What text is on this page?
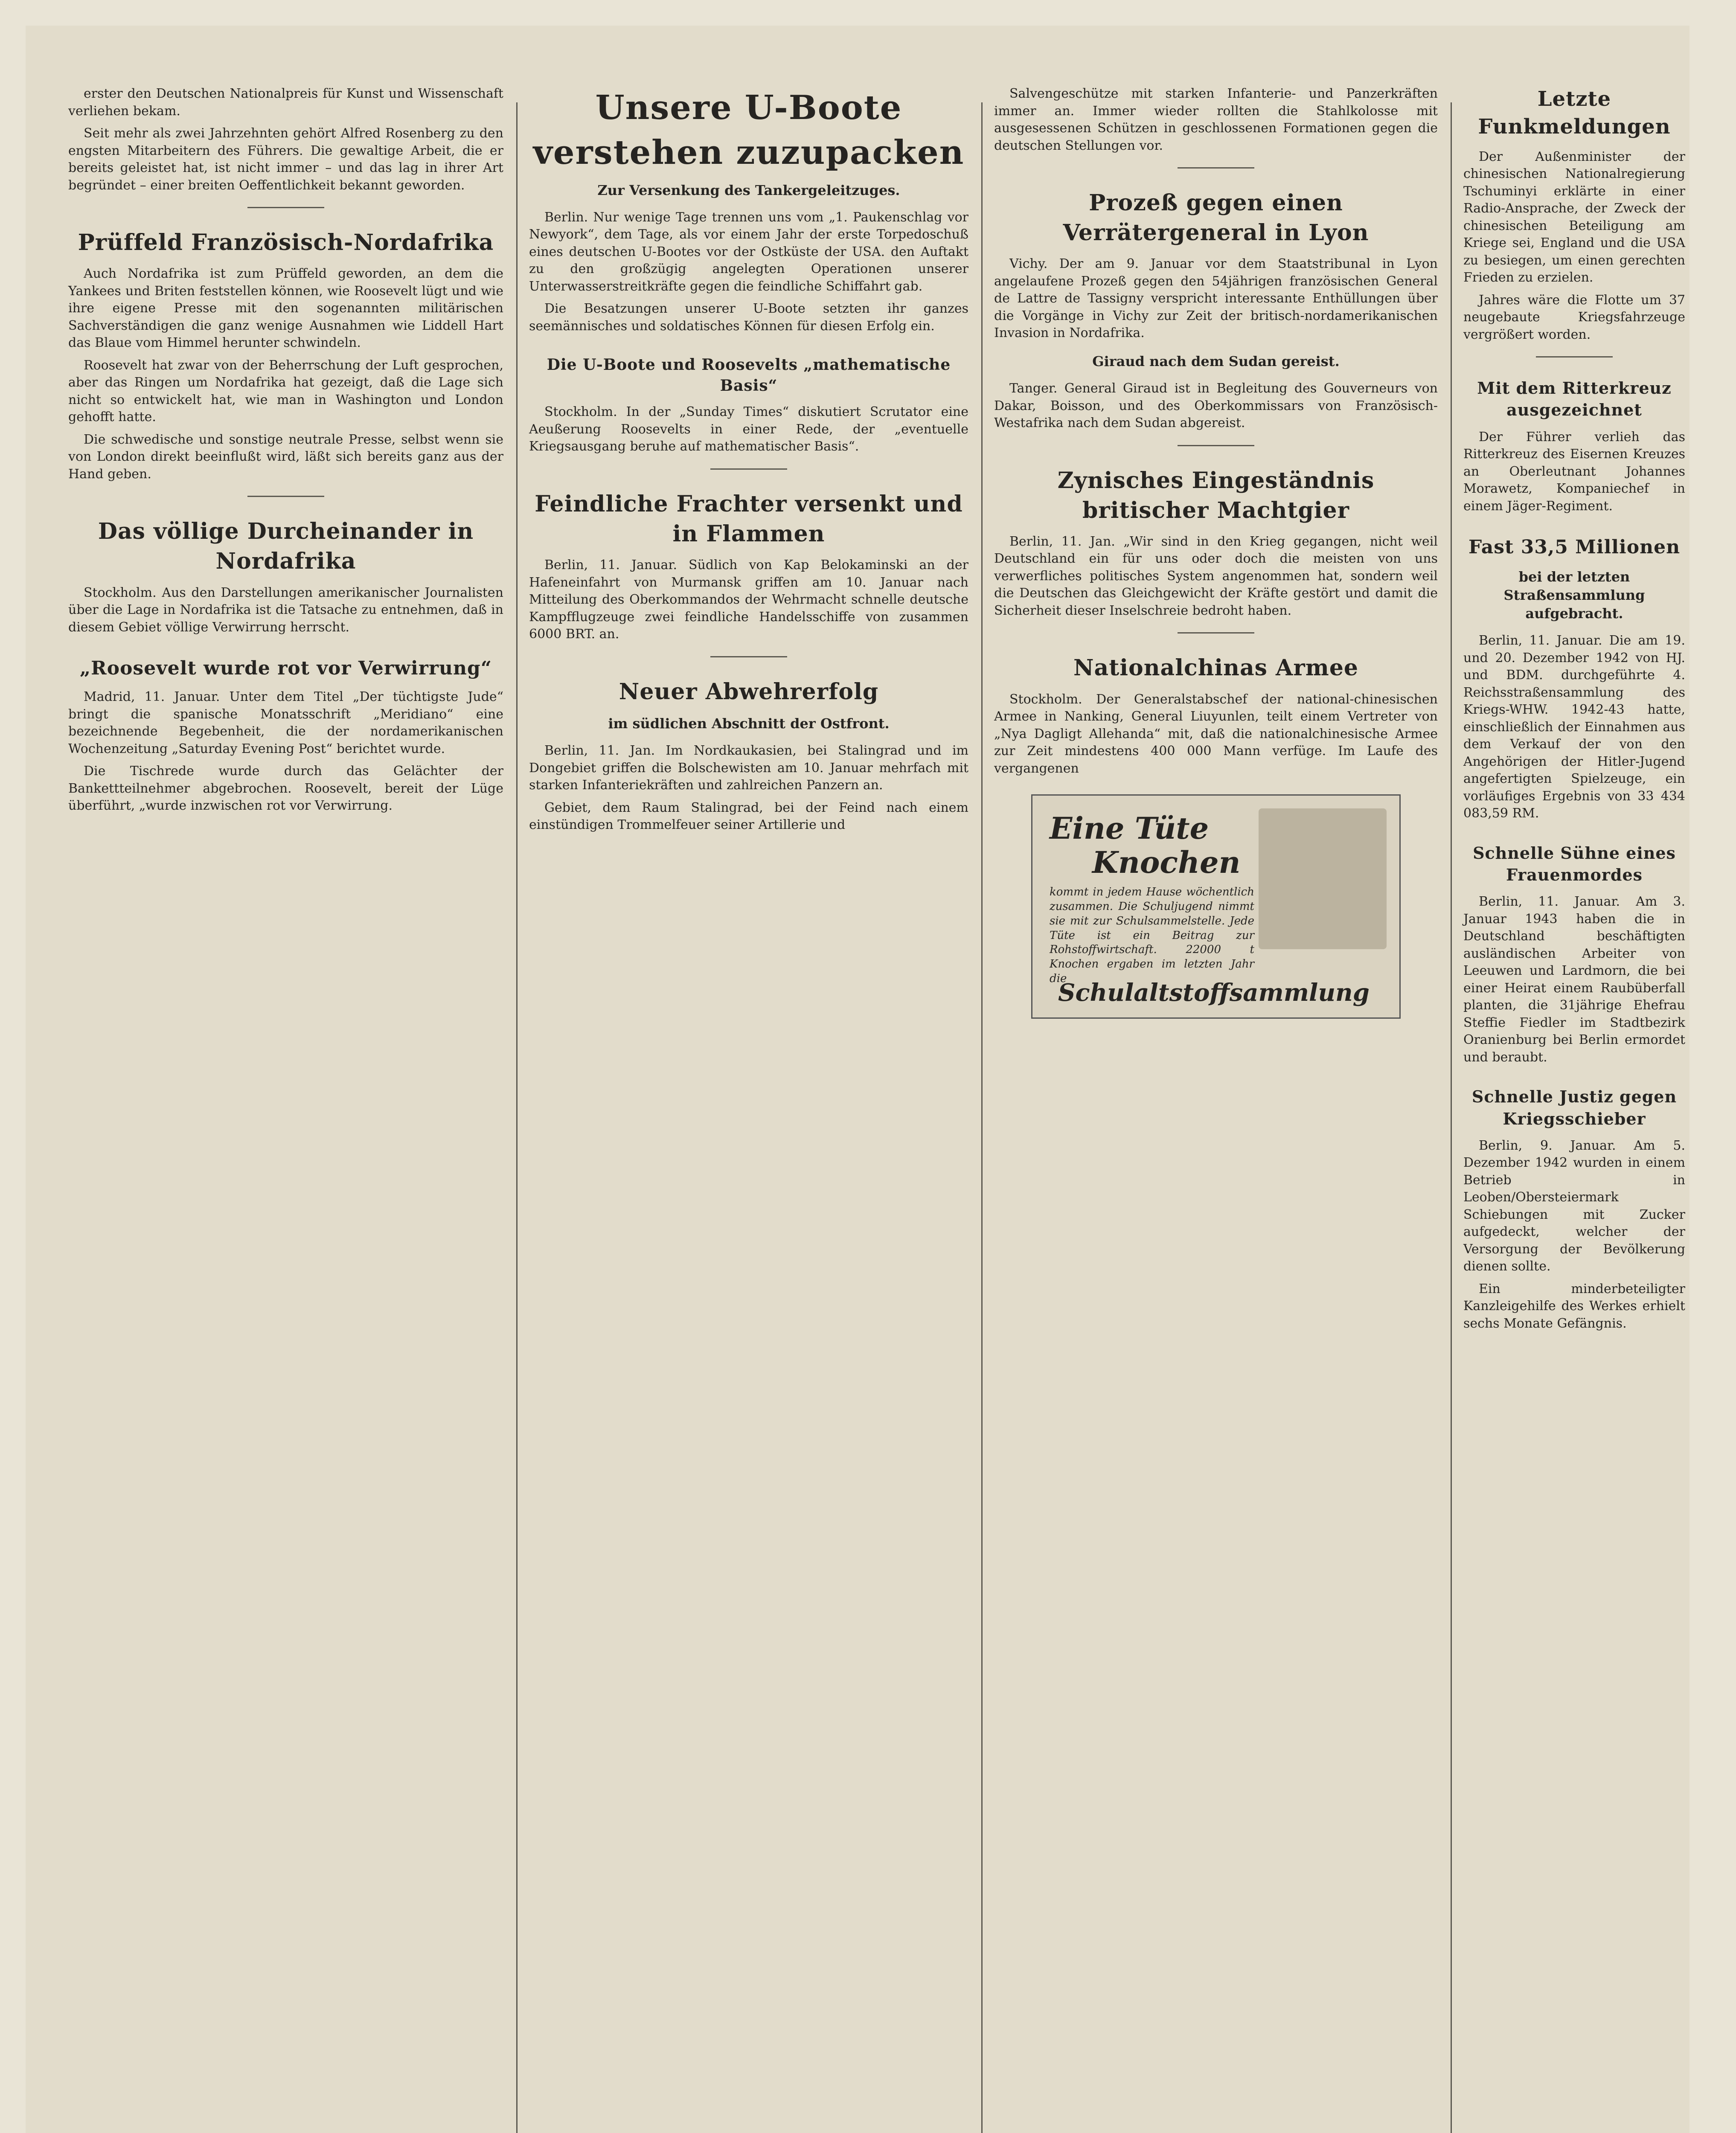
erster den Deutschen Nationalpreis für Kunst und Wissenschaft verliehen bekam.

Seit mehr als zwei Jahrzehnten gehört Alfred Rosenberg zu den engsten Mitarbeitern des Führers. Die gewaltige Arbeit, die er bereits geleistet hat, ist nicht immer – und das lag in ihrer Art begründet – einer breiten Oeffentlichkeit bekannt geworden.

Prüffeld Französisch-Nordafrika

Auch Nordafrika ist zum Prüffeld geworden, an dem die Yankees und Briten feststellen können, wie Roosevelt lügt und wie ihre eigene Presse mit den sogenannten militärischen Sachverständigen die ganz wenige Ausnahmen wie Liddell Hart das Blaue vom Himmel herunter schwindeln.

Roosevelt hat zwar von der Beherrschung der Luft gesprochen, aber das Ringen um Nordafrika hat gezeigt, daß die Lage sich nicht so entwickelt hat, wie man in Washington und London gehofft hatte.

Die schwedische und sonstige neutrale Presse, selbst wenn sie von London direkt beeinflußt wird, läßt sich bereits ganz aus der Hand geben.

Das völlige Durcheinander in Nordafrika

Stockholm. Aus den Darstellungen amerikanischer Journalisten über die Lage in Nordafrika ist die Tatsache zu entnehmen, daß in diesem Gebiet völlige Verwirrung herrscht.

„Roosevelt wurde rot vor Verwirrung“

Madrid, 11. Januar. Unter dem Titel „Der tüchtigste Jude“ bringt die spanische Monatsschrift „Meridiano“ eine bezeichnende Begebenheit, die der nordamerikanischen Wochenzeitung „Saturday Evening Post“ berichtet wurde.

Die Tischrede wurde durch das Gelächter der Bankettteilnehmer abgebrochen. Roosevelt, bereit der Lüge überführt, „wurde inzwischen rot vor Verwirrung.

Unsere U-Boote verstehen zuzupacken
Zur Versenkung des Tankergeleitzuges.

Berlin. Nur wenige Tage trennen uns vom „1. Paukenschlag vor Newyork“, dem Tage, als vor einem Jahr der erste Torpedoschuß eines deutschen U-Bootes vor der Ostküste der USA. den Auftakt zu den großzügig angelegten Operationen unserer Unterwasserstreitkräfte gegen die feindliche Schiffahrt gab.

Die Besatzungen unserer U-Boote setzten ihr ganzes seemännisches und soldatisches Können für diesen Erfolg ein.

Die U-Boote und Roosevelts „mathematische Basis“

Stockholm. In der „Sunday Times“ diskutiert Scrutator eine Aeußerung Roosevelts in einer Rede, der „eventuelle Kriegsausgang beruhe auf mathematischer Basis“.

Feindliche Frachter versenkt und in Flammen

Berlin, 11. Januar. Südlich von Kap Belokaminski an der Hafeneinfahrt von Murmansk griffen am 10. Januar nach Mitteilung des Oberkommandos der Wehrmacht schnelle deutsche Kampfflugzeuge zwei feindliche Handelsschiffe von zusammen 6000 BRT. an.

Neuer Abwehrerfolg
im südlichen Abschnitt der Ostfront.

Berlin, 11. Jan. Im Nordkaukasien, bei Stalingrad und im Dongebiet griffen die Bolschewisten am 10. Januar mehrfach mit starken Infanteriekräften und zahlreichen Panzern an.

Gebiet, dem Raum Stalingrad, bei der Feind nach einem einstündigen Trommelfeuer seiner Artillerie und

Salvengeschütze mit starken Infanterie- und Panzerkräften immer an. Immer wieder rollten die Stahlkolosse mit ausgesessenen Schützen in geschlossenen Formationen gegen die deutschen Stellungen vor.

Prozeß gegen einen Verrätergeneral in Lyon

Vichy. Der am 9. Januar vor dem Staatstribunal in Lyon angelaufene Prozeß gegen den 54jährigen französischen General de Lattre de Tassigny verspricht interessante Enthüllungen über die Vorgänge in Vichy zur Zeit der britisch-nordamerikanischen Invasion in Nordafrika.

Giraud nach dem Sudan gereist.

Tanger. General Giraud ist in Begleitung des Gouverneurs von Dakar, Boisson, und des Oberkommissars von Französisch-Westafrika nach dem Sudan abgereist.

Zynisches Eingeständnis britischer Machtgier

Berlin, 11. Jan. „Wir sind in den Krieg gegangen, nicht weil Deutschland ein für uns oder doch die meisten von uns verwerfliches politisches System angenommen hat, sondern weil die Deutschen das Gleichgewicht der Kräfte gestört und damit die Sicherheit dieser Inselschreie bedroht haben.

Nationalchinas Armee

Stockholm. Der Generalstabschef der national-chinesischen Armee in Nanking, General Liuyunlen, teilt einem Vertreter von „Nya Dagligt Allehanda“ mit, daß die nationalchinesische Armee zur Zeit mindestens 400 000 Mann verfüge. Im Laufe des vergangenen

Eine Tüte
Knochen
kommt in jedem Hause wöchentlich zusammen. Die Schuljugend nimmt sie mit zur Schulsammelstelle. Jede Tüte ist ein Beitrag zur Rohstoffwirtschaft. 22000 t Knochen ergaben im letzten Jahr die
Schulaltstoffsammlung
Letzte Funkmeldungen

Der Außenminister der chinesischen Nationalregierung Tschuminyi erklärte in einer Radio-Ansprache, der Zweck der chinesischen Beteiligung am Kriege sei, England und die USA zu besiegen, um einen gerechten Frieden zu erzielen.

Jahres wäre die Flotte um 37 neugebaute Kriegsfahrzeuge vergrößert worden.

Mit dem Ritterkreuz ausgezeichnet

Der Führer verlieh das Ritterkreuz des Eisernen Kreuzes an Oberleutnant Johannes Morawetz, Kompaniechef in einem Jäger-Regiment.

Fast 33,5 Millionen
bei der letzten Straßensammlung aufgebracht.

Berlin, 11. Januar. Die am 19. und 20. Dezember 1942 von HJ. und BDM. durchgeführte 4. Reichsstraßensammlung des Kriegs-WHW. 1942-43 hatte, einschließlich der Einnahmen aus dem Verkauf der von den Angehörigen der Hitler-Jugend angefertigten Spielzeuge, ein vorläufiges Ergebnis von 33 434 083,59 RM.

Schnelle Sühne eines Frauenmordes

Berlin, 11. Januar. Am 3. Januar 1943 haben die in Deutschland beschäftigten ausländischen Arbeiter von Leeuwen und Lardmorn, die bei einer Heirat einem Raubüberfall planten, die 31jährige Ehefrau Steffie Fiedler im Stadtbezirk Oranienburg bei Berlin ermordet und beraubt.

Schnelle Justiz gegen Kriegsschieber

Berlin, 9. Januar. Am 5. Dezember 1942 wurden in einem Betrieb in Leoben/Obersteiermark Schiebungen mit Zucker aufgedeckt, welcher der Versorgung der Bevölkerung dienen sollte.

Ein minderbeteiligter Kanzleigehilfe des Werkes erhielt sechs Monate Gefängnis.
